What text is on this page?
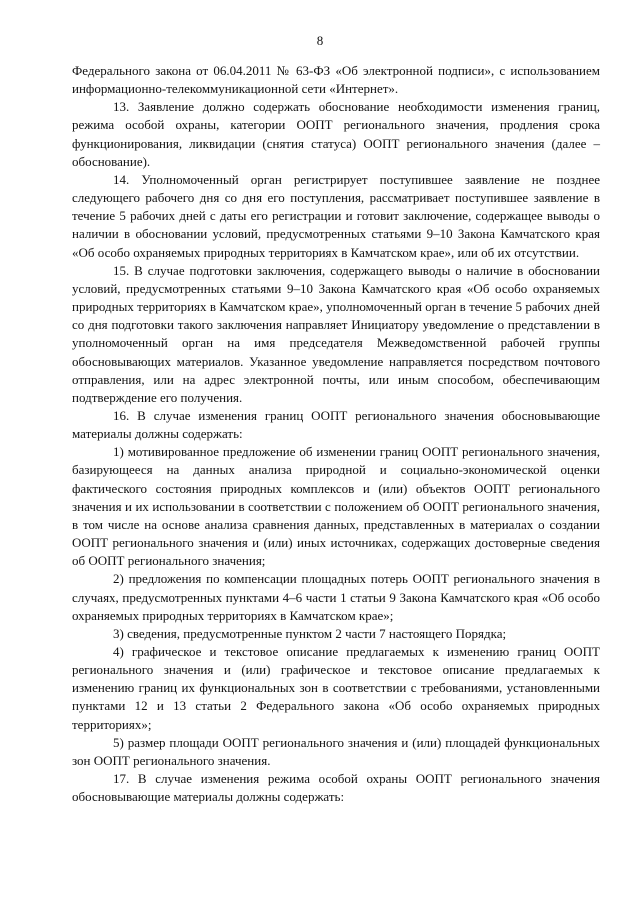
8

Федерального закона от 06.04.2011 № 63-ФЗ «Об электронной подписи», с использованием информационно-телекоммуникационной сети «Интернет».

13. Заявление должно содержать обоснование необходимости изменения границ, режима особой охраны, категории ООПТ регионального значения, продления срока функционирования, ликвидации (снятия статуса) ООПТ регионального значения (далее – обоснование).

14. Уполномоченный орган регистрирует поступившее заявление не позднее следующего рабочего дня со дня его поступления, рассматривает поступившее заявление в течение 5 рабочих дней с даты его регистрации и готовит заключение, содержащее выводы о наличии в обосновании условий, предусмотренных статьями 9–10 Закона Камчатского края «Об особо охраняемых природных территориях в Камчатском крае», или об их отсутствии.

15. В случае подготовки заключения, содержащего выводы о наличие в обосновании условий, предусмотренных статьями 9–10 Закона Камчатского края «Об особо охраняемых природных территориях в Камчатском крае», уполномоченный орган в течение 5 рабочих дней со дня подготовки такого заключения направляет Инициатору уведомление о представлении в уполномоченный орган на имя председателя Межведомственной рабочей группы обосновывающих материалов. Указанное уведомление направляется посредством почтового отправления, или на адрес электронной почты, или иным способом, обеспечивающим подтверждение его получения.

16. В случае изменения границ ООПТ регионального значения обосновывающие материалы должны содержать:

1) мотивированное предложение об изменении границ ООПТ регионального значения, базирующееся на данных анализа природной и социально-экономической оценки фактического состояния природных комплексов и (или) объектов ООПТ регионального значения и их использовании в соответствии с положением об ООПТ регионального значения, в том числе на основе анализа сравнения данных, представленных в материалах о создании ООПТ регионального значения и (или) иных источниках, содержащих достоверные сведения об ООПТ регионального значения;

2) предложения по компенсации площадных потерь ООПТ регионального значения в случаях, предусмотренных пунктами 4–6 части 1 статьи 9 Закона Камчатского края «Об особо охраняемых природных территориях в Камчатском крае»;

3) сведения, предусмотренные пунктом 2 части 7 настоящего Порядка;

4) графическое и текстовое описание предлагаемых к изменению границ ООПТ регионального значения и (или) графическое и текстовое описание предлагаемых к изменению границ их функциональных зон в соответствии с требованиями, установленными пунктами 12 и 13 статьи 2 Федерального закона «Об особо охраняемых природных территориях»;

5) размер площади ООПТ регионального значения и (или) площадей функциональных зон ООПТ регионального значения.

17. В случае изменения режима особой охраны ООПТ регионального значения обосновывающие материалы должны содержать:
